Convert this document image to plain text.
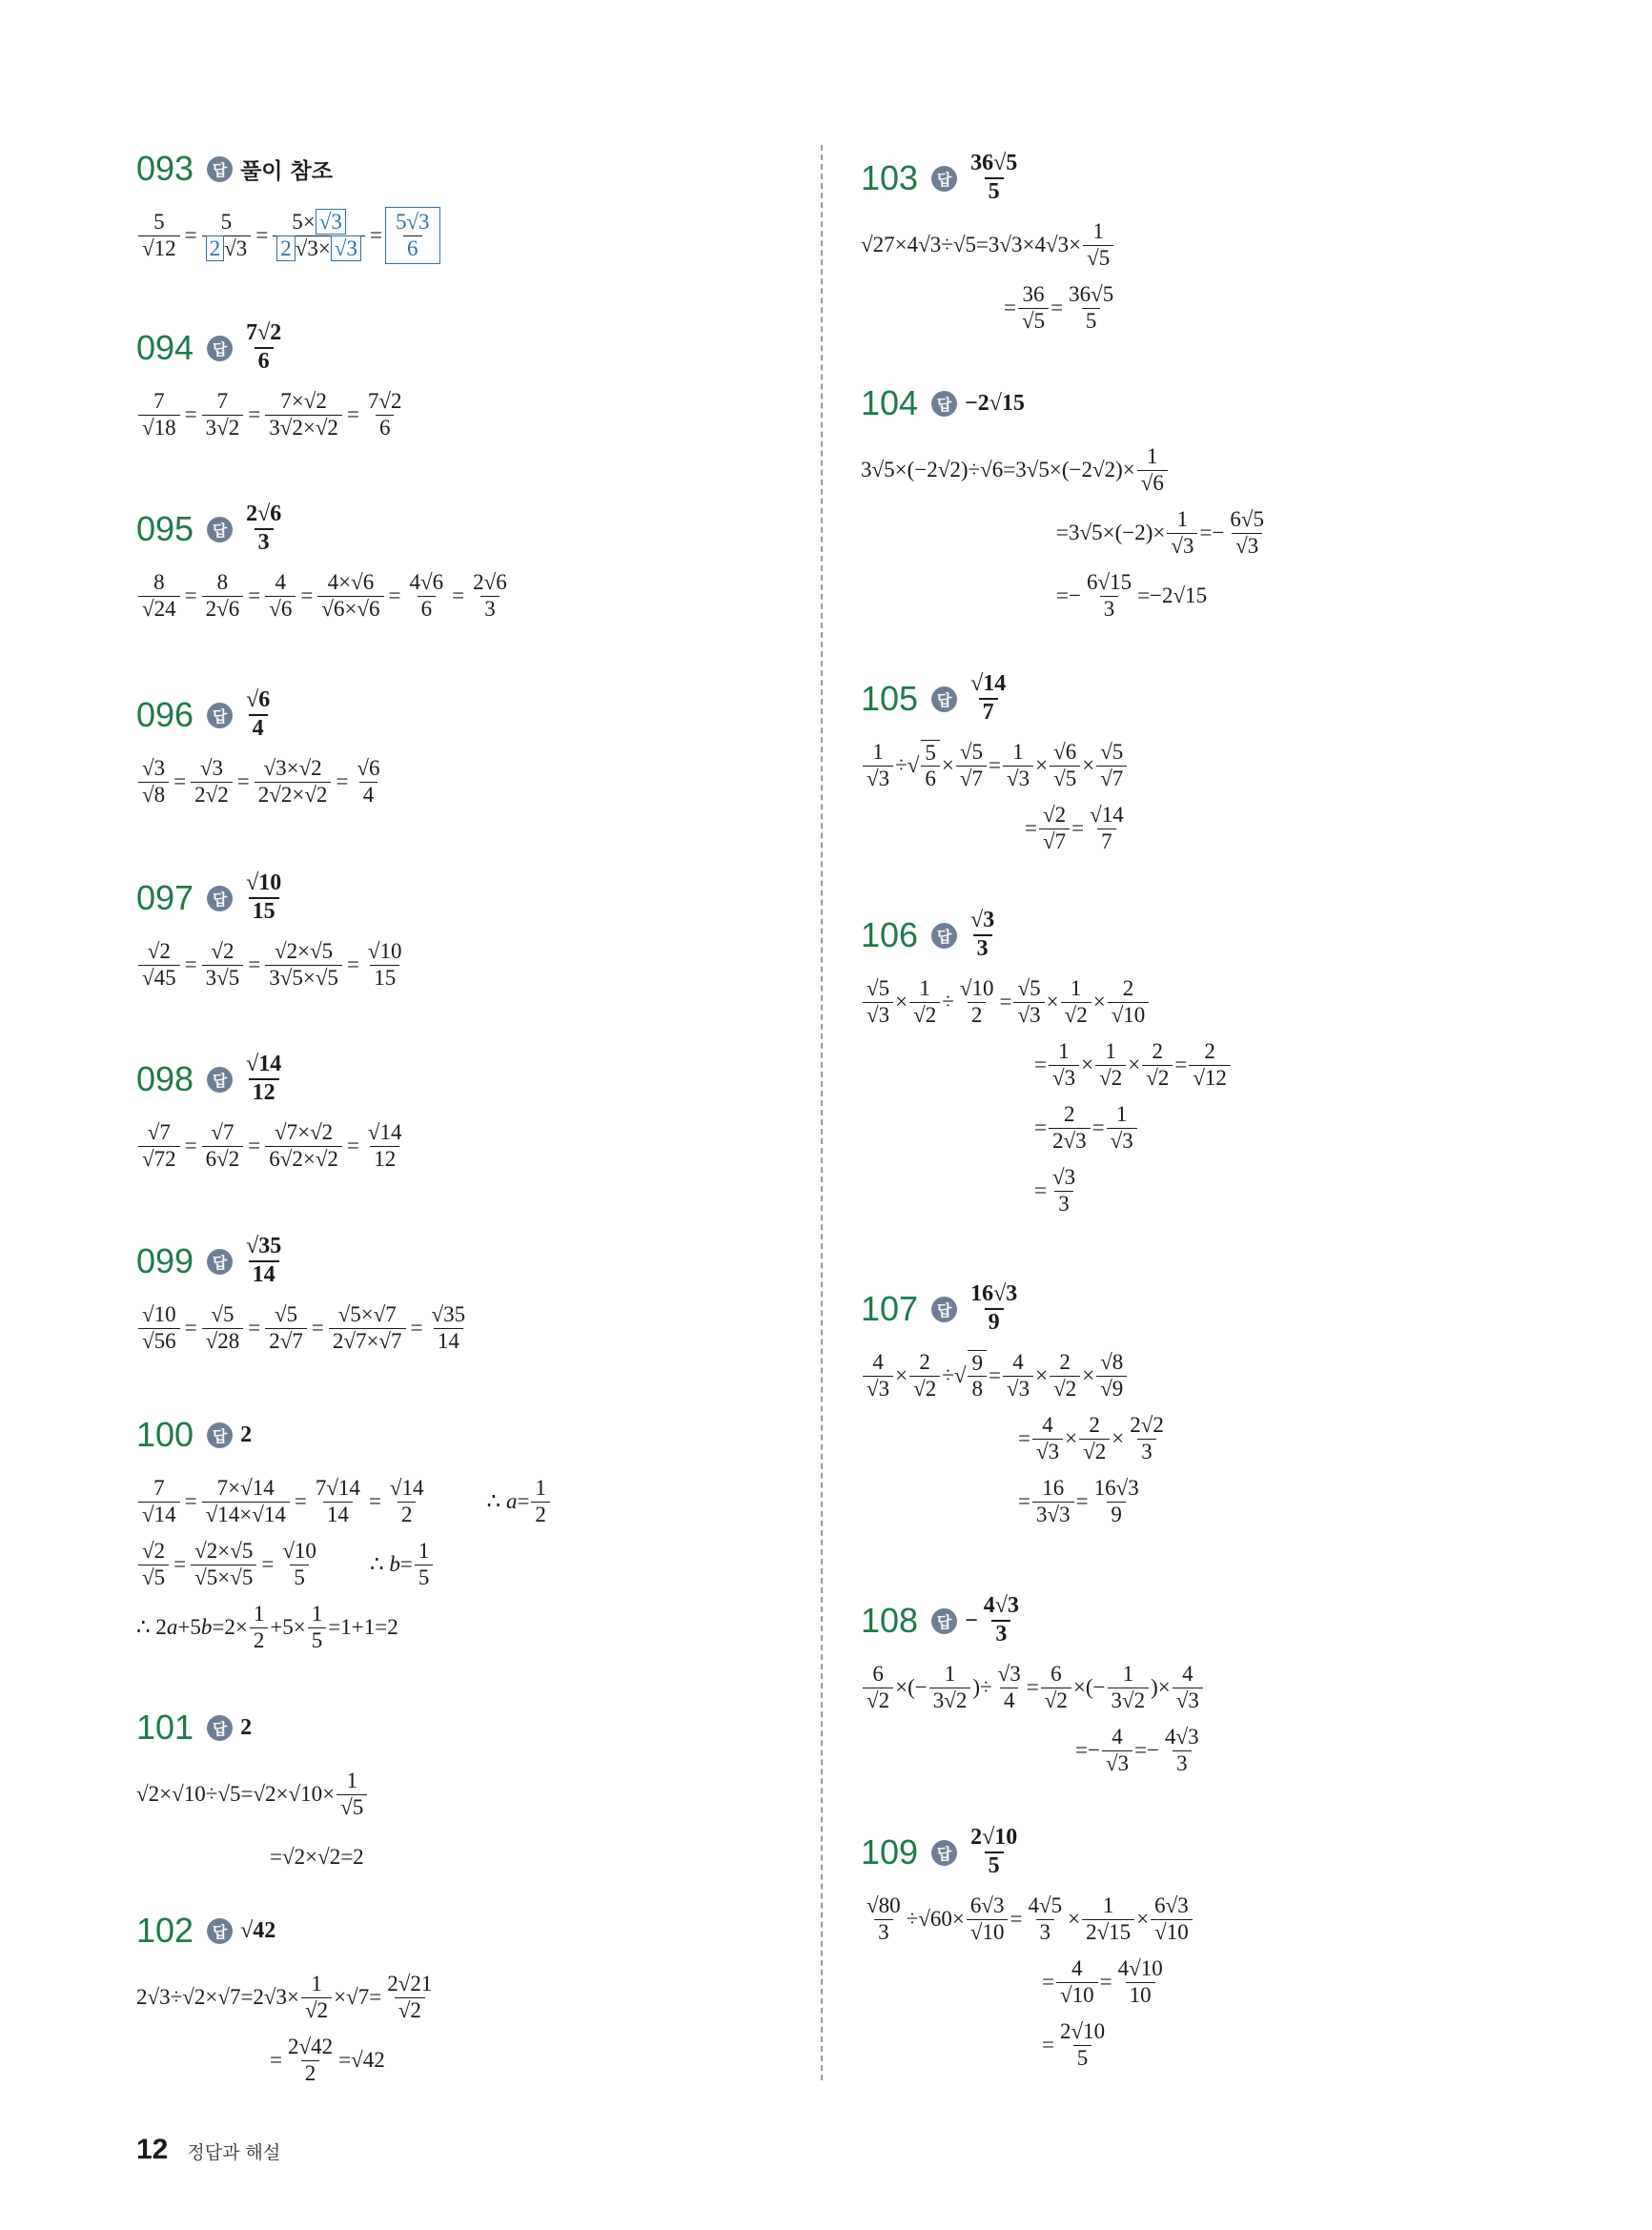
093	답 풀이 참조
$\frac{5}{√12} = \frac{5}{2 √3} = \frac{5\times √3}{2 √3\times √3}$ =
5√3
6
094	답
7√2
6
$\frac{7}{√18} = \frac{7}{3√2} = \frac{7\times√2}{3√2\times√2} = \frac{7√2}{6}$
095	답
2√6
3
$\frac{8}{√24} = \frac{8}{2√6} = \frac{4}{√6} = \frac{4\times√6}{√6\times√6} = \frac{4√6}{6} = \frac{2√6}{3}$
096	답
√6
4
$\frac{√3}{√8} = \frac{√3}{2√2} = \frac{√3\times√2}{2√2\times√2} = \frac{√6}{4}$
097	답
√10
15
$\frac{√2}{√45} = \frac{√2}{3√5} = \frac{√2\times√5}{3√5\times√5} = \frac{√10}{15}$
098	답
√14
12
$\frac{√7}{√72} = \frac{√7}{6√2} = \frac{√7\times√2}{6√2\times√2} = \frac{√14}{12}$
099	답
√35
14
$\frac{√10}{√56} = \frac{√5}{√28} = \frac{√5}{2√7} = \frac{√5\times√7}{2√7\times√7} = \frac{√35}{14}$
100	답 2
$\frac{7}{√14} = \frac{7\times√14}{√14\times√14} = \frac{7√14}{14} = \frac{√14}{2}$	∴ $a= \frac{1}{2}$
$\frac{√2}{√5} = \frac{√2\times√5}{√5\times√5} = \frac{√10}{5}$ ∴ $b= \frac{1}{5}$
∴ 2 a +5 b =2×
1
2
+5×
1
5
=1+1=2
101	답 2
√2×√10÷√5=√2×√10×
1
√5
=√2×√2=2
102	답 √42
2√3÷√2×√7=2√3×
1
√2
×√7=
2√21
√2
=
2√42
2
=√42
103	답
36√5
5
√27×4√3÷√5=3√3×4√3×
1
√5
=
36
√5
=
36√5
5
104	답 −2√15
3√5×(−2√2)÷√6=3√5×(−2√2)×
1
√6
=3√5×(−2)×
1
√3
=−
6√5
√3
=−
6√15
3
=−2√15
105	답
√14
7
1
√3
÷√
5
6
×
√5
√7
=
1
√3
×
√6
√5
×
√5
√7
=
√2
√7
=
√14
7
106	답
√3
3
√5
√3
×
1
√2
÷
√10
2
=
√5
√3
×
1
√2
×
2
√10
=
1
√3
×
1
√2
×
2
√2
=
2
√12
=
2
2√3
=
1
√3
=
√3
3
107	답
16√3
9
4
√3
×
2
√2
÷√
9
8
=
4
√3
×
2
√2
×
√8
√9
=
4
√3
×
2
√2
×
2√2
3
=
16
3√3
=
16√3
9
108	답 −
4√3
3
6
√2
×(−
1
3√2
)÷
√3
4
=
6
√2
×(−
1
3√2
)×
4
√3
=−
4
√3
=−
4√3
3
109	답
2√10
5
√80
3
÷√60×
6√3
√10
=
4√5
3
×
1
2√15
×
6√3
√10
=
4
√10
=
4√10
10
=
2√10
5
12 정답과 해설
